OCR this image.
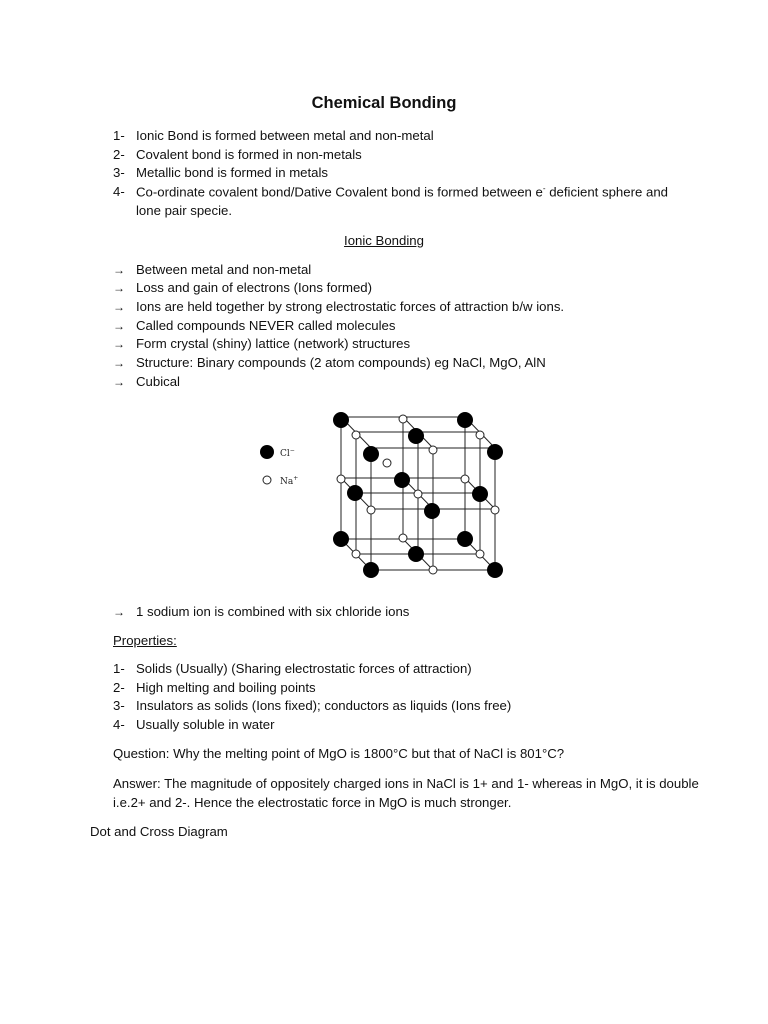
Chemical Bonding
1- Ionic Bond is formed between metal and non-metal
2- Covalent bond is formed in non-metals
3- Metallic bond is formed in metals
4- Co-ordinate covalent bond/Dative Covalent bond is formed between e- deficient sphere and
lone pair specie.
Ionic Bonding
→ Between metal and non-metal
→ Loss and gain of electrons (Ions formed)
→ Ions are held together by strong electrostatic forces of attraction b/w ions.
→ Called compounds NEVER called molecules
→ Form crystal (shiny) lattice (network) structures
→ Structure: Binary compounds (2 atom compounds) eg NaCl, MgO, AlN
→ Cubical
Cl−
Na+
→ 1 sodium ion is combined with six chloride ions
Properties:
1- Solids (Usually) (Sharing electrostatic forces of attraction)
2- High melting and boiling points
3- Insulators as solids (Ions fixed); conductors as liquids (Ions free)
4- Usually soluble in water
Question: Why the melting point of MgO is 1800°C but that of NaCl is 801°C?
Answer: The magnitude of oppositely charged ions in NaCl is 1+ and 1- whereas in MgO, it is double
i.e.2+ and 2-. Hence the electrostatic force in MgO is much stronger.
Dot and Cross Diagram
